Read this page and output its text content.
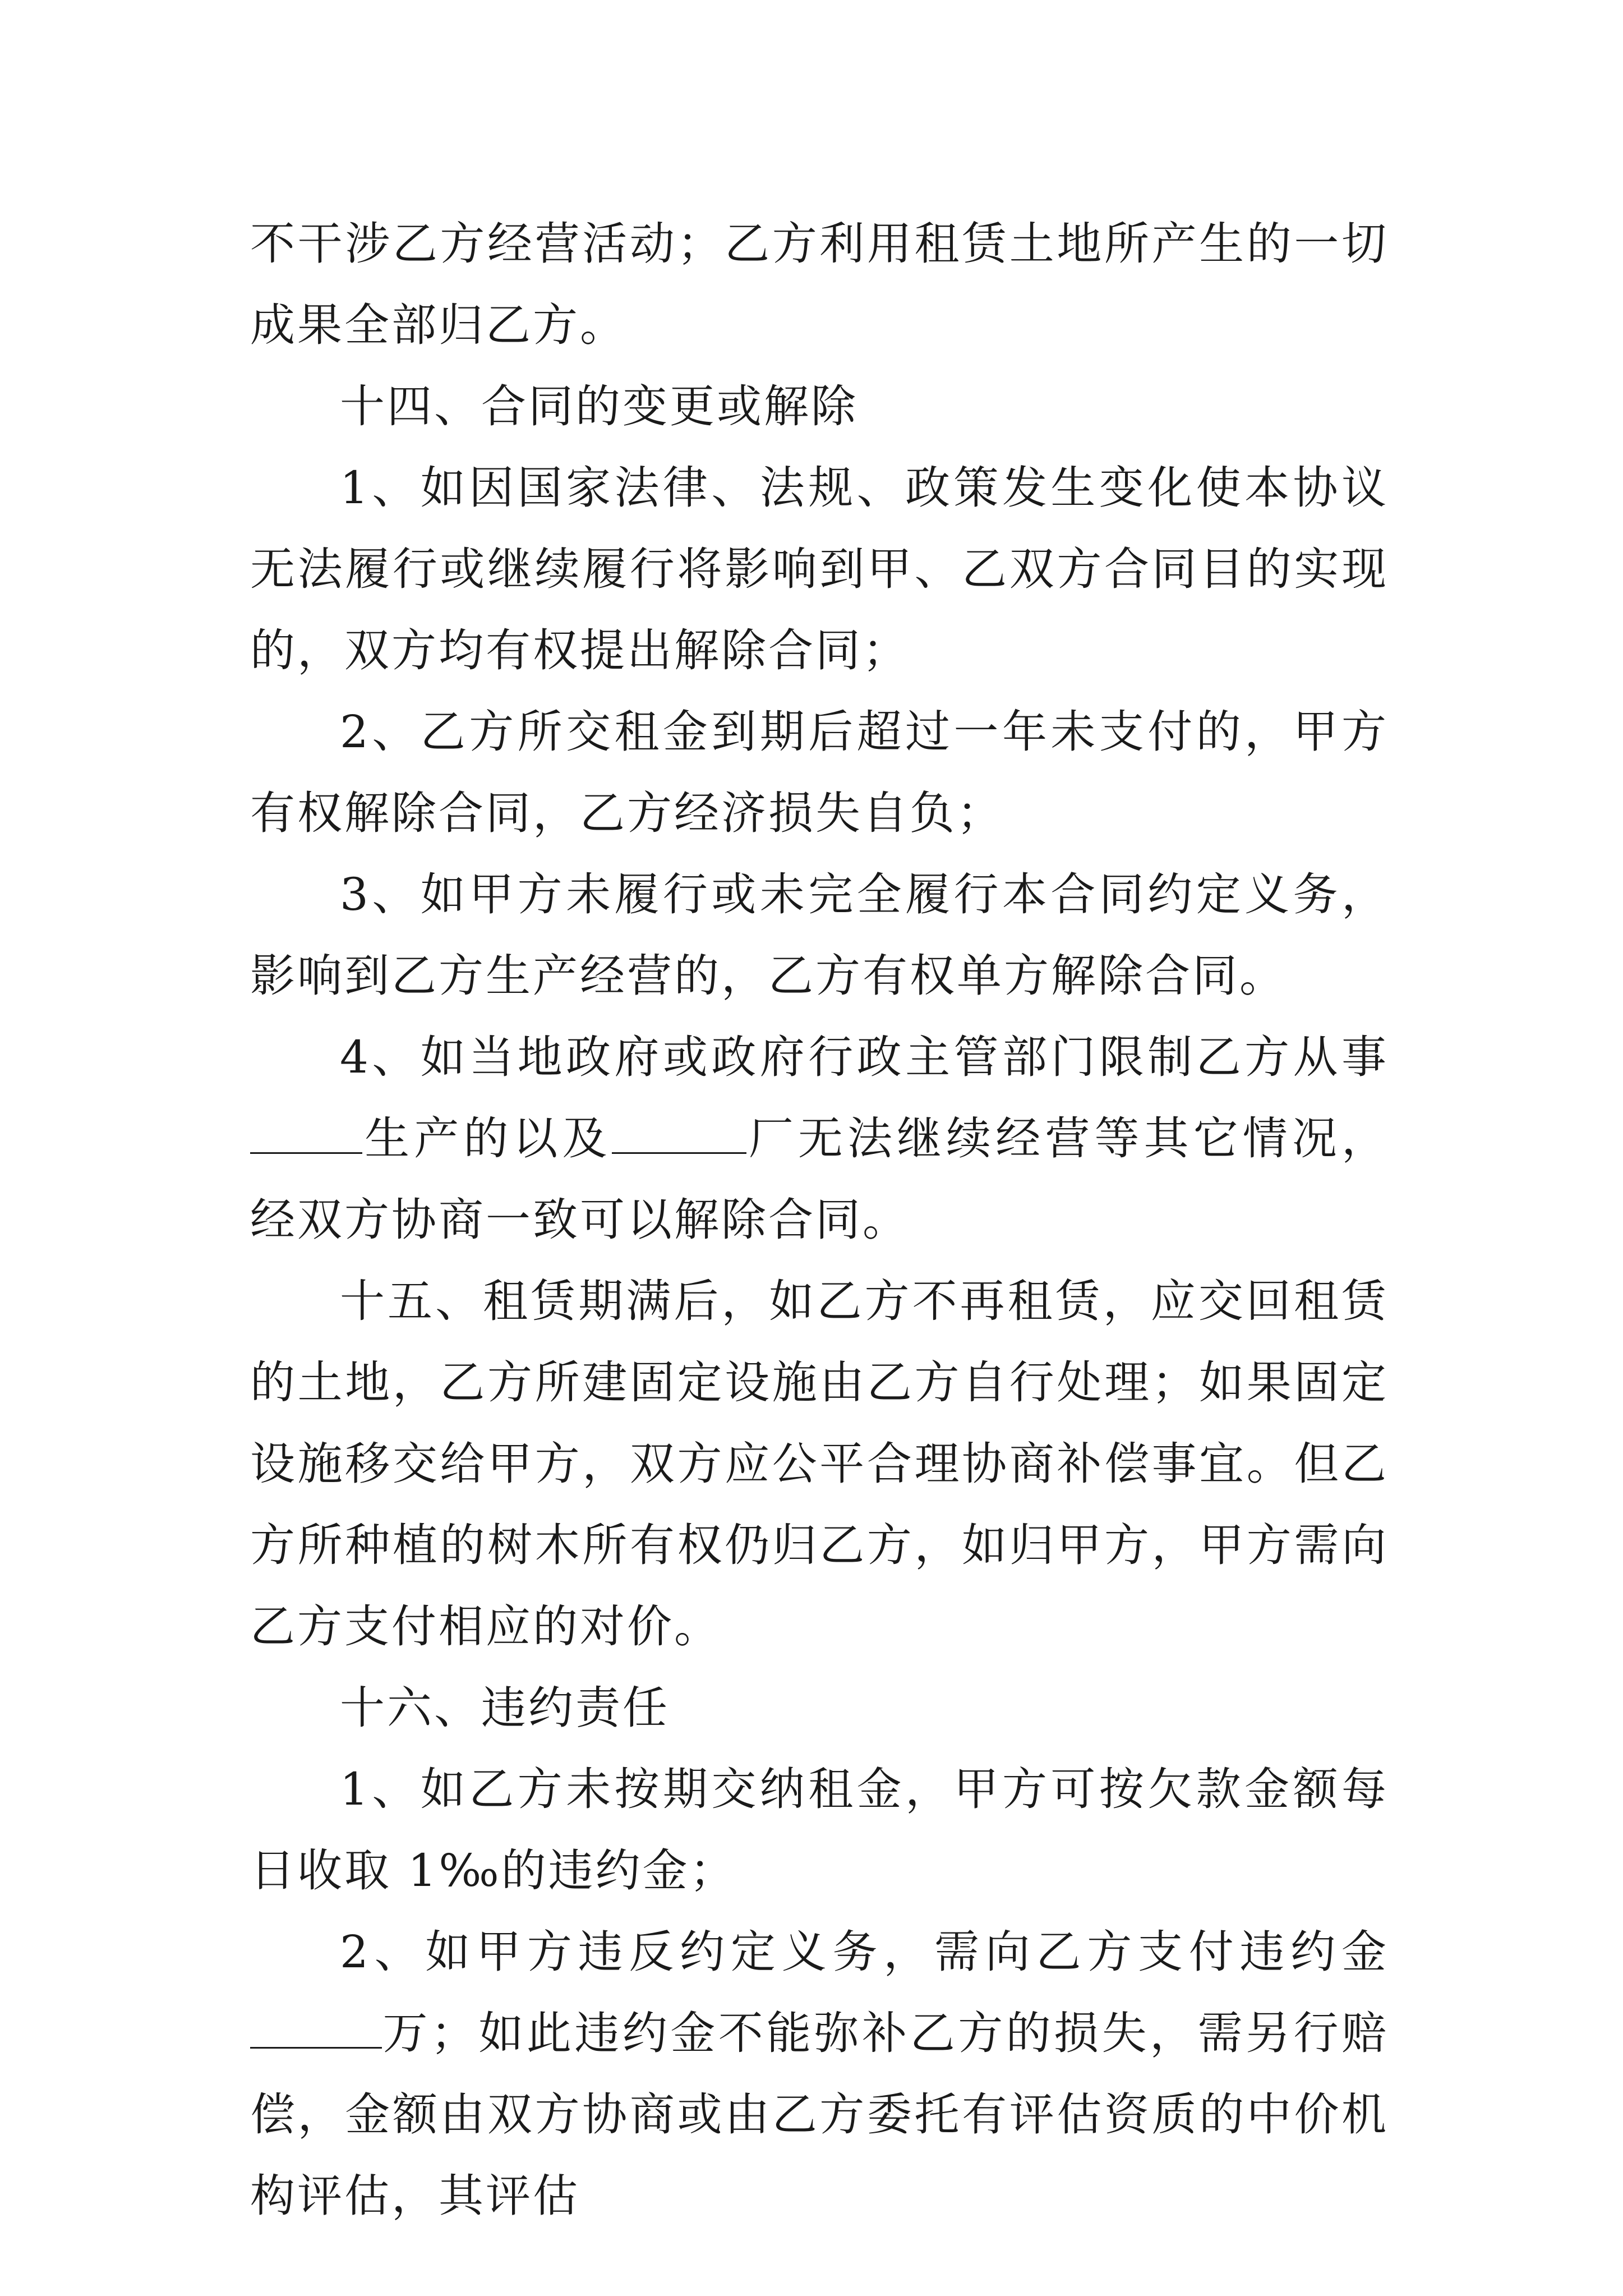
不干涉乙方经营活动；乙方利用租赁土地所产生的一切成果全部归乙方。

十四、合同的变更或解除

1、如因国家法律、法规、政策发生变化使本协议无法履行或继续履行将影响到甲、乙双方合同目的实现的，双方均有权提出解除合同；

2、乙方所交租金到期后超过一年未支付的，甲方有权解除合同，乙方经济损失自负；

3、如甲方未履行或未完全履行本合同约定义务，影响到乙方生产经营的，乙方有权单方解除合同。

4、如当地政府或政府行政主管部门限制乙方从事生产的以及	厂无法继续经营等其它情况，经双方协商一致可以解除合同。

十五、租赁期满后，如乙方不再租赁，应交回租赁的土地，乙方所建固定设施由乙方自行处理；如果固定设施移交给甲方，双方应公平合理协商补偿事宜。但乙方所种植的树木所有权仍归乙方，如归甲方，甲方需向乙方支付相应的对价。

十六、违约责任

1、如乙方未按期交纳租金，甲方可按欠款金额每日收取 1‰的违约金；

2、如甲方违反约定义务，需向乙方支付违约金万；如此违约金不能弥补乙方的损失，需另行赔偿，金额由双方协商或由乙方委托有评估资质的中价机构评估，其评估
